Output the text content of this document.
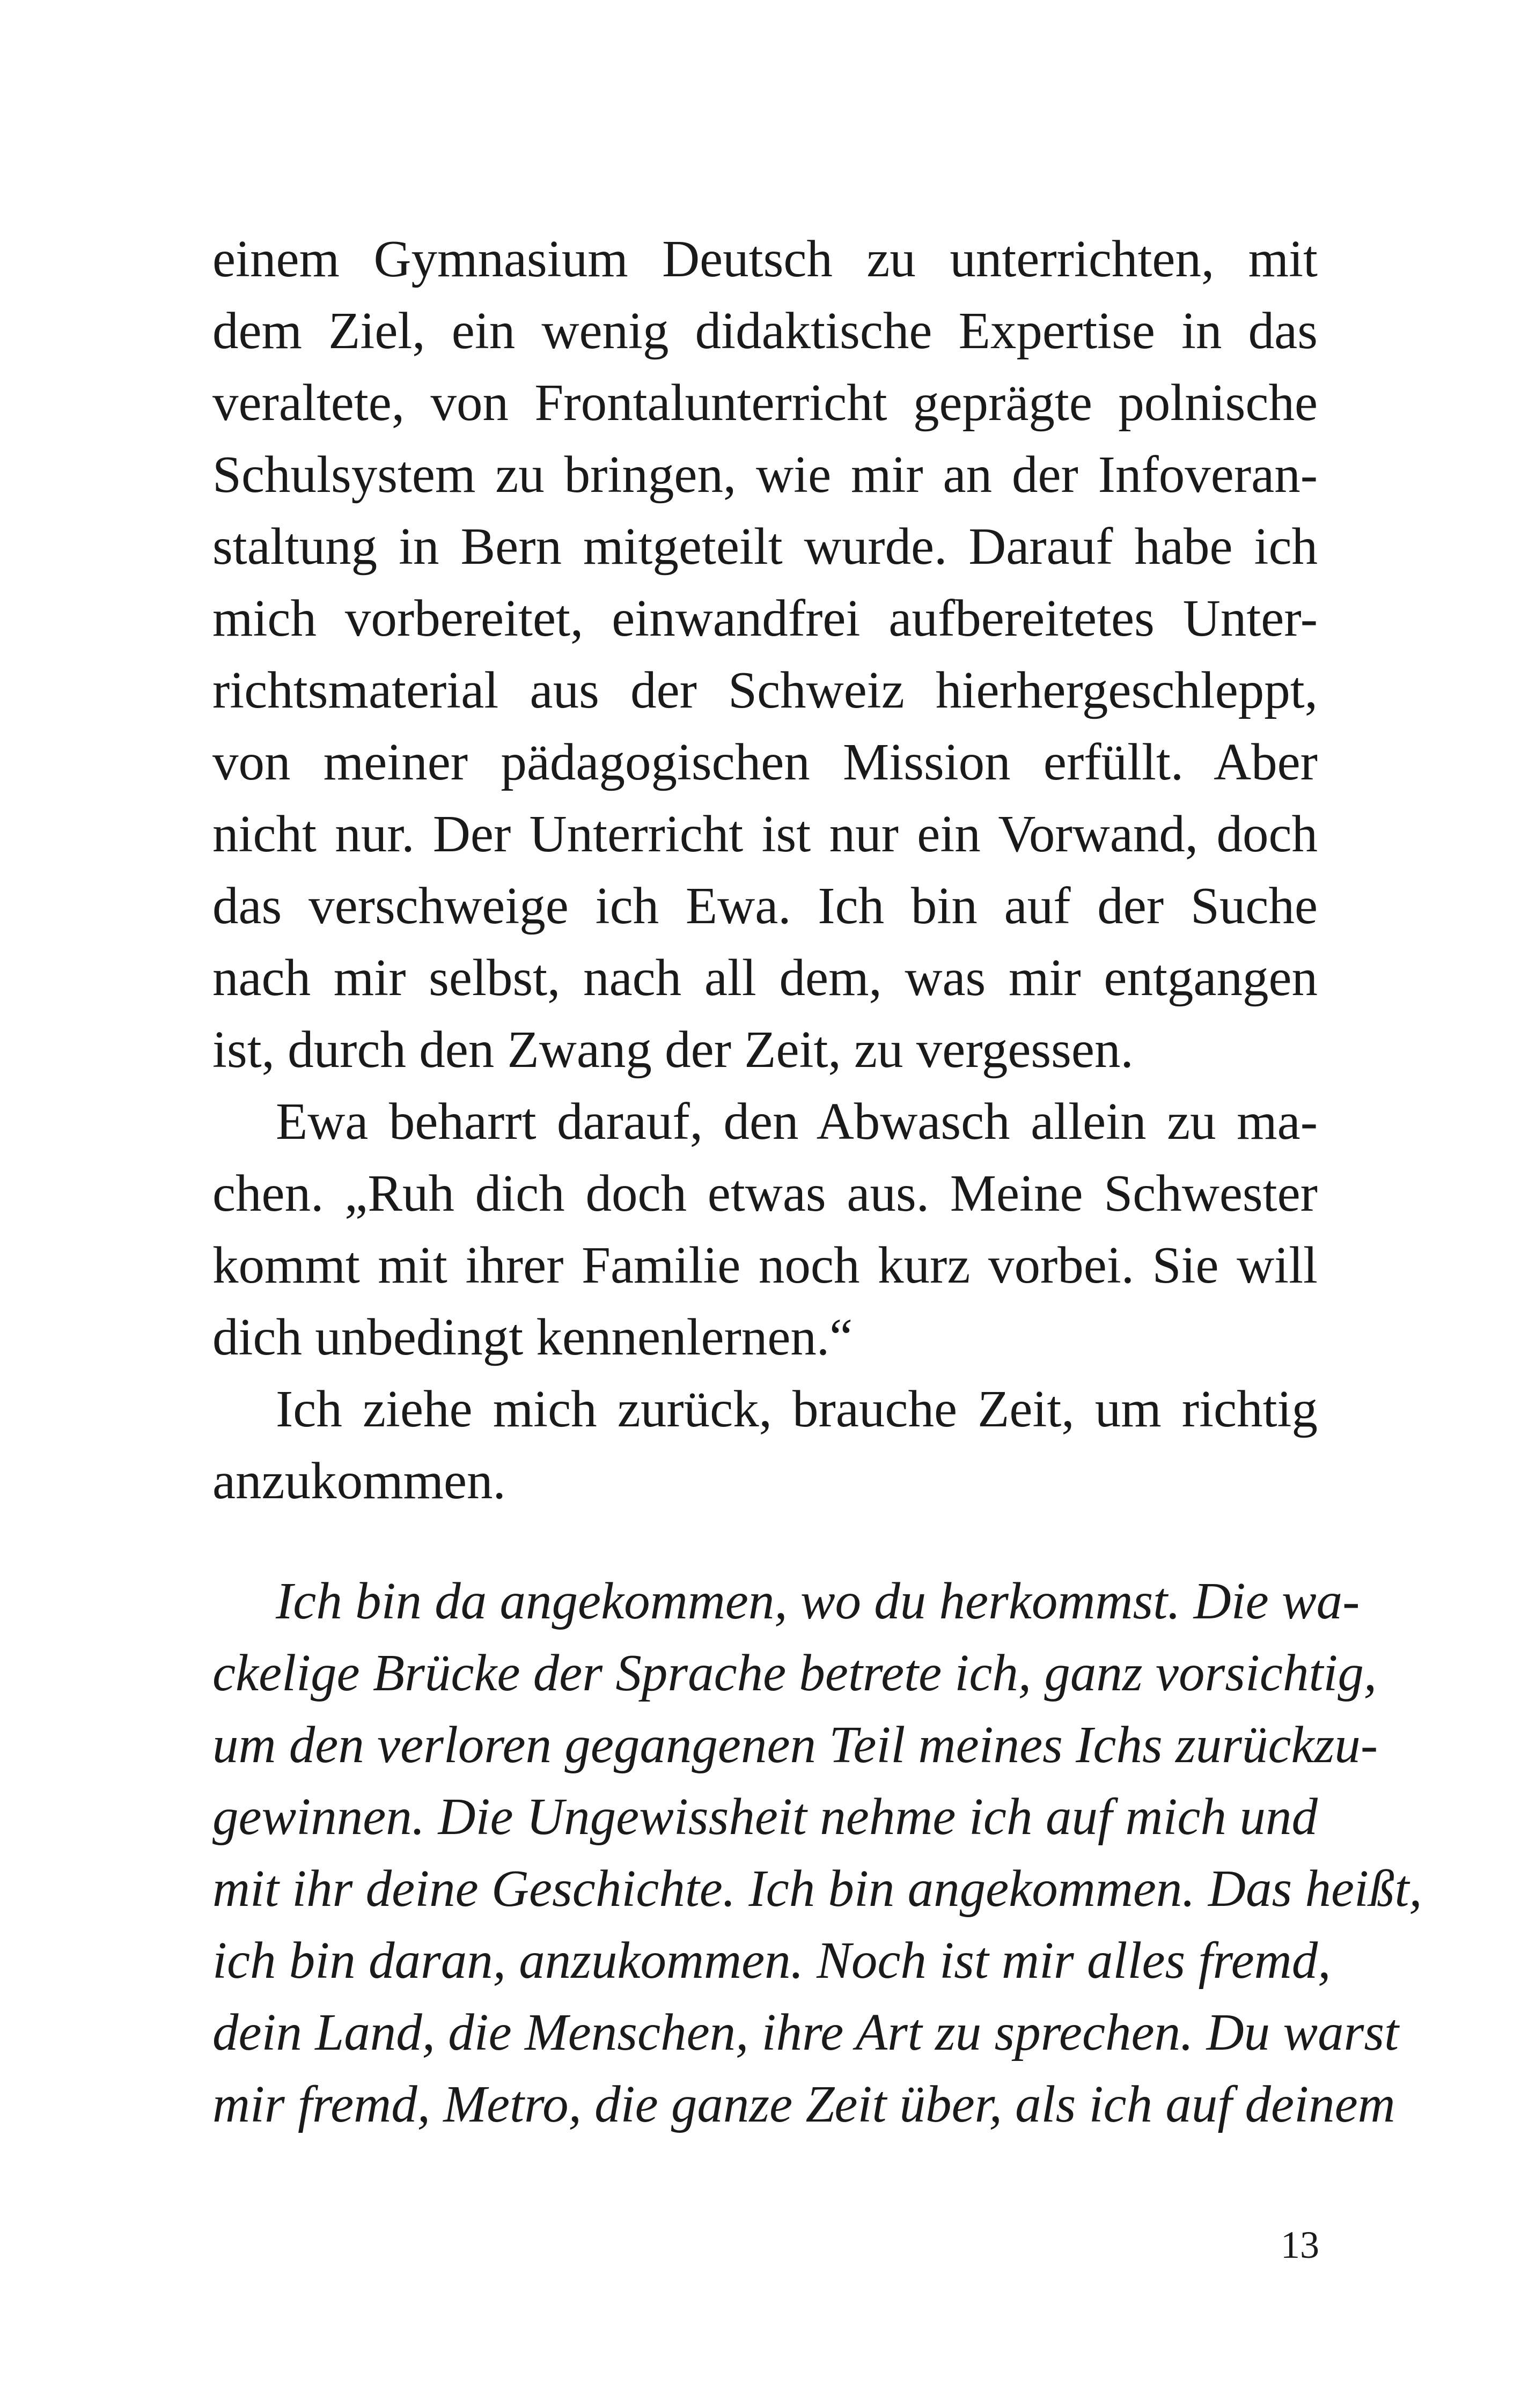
einem Gymnasium Deutsch zu unterrichten, mit
dem Ziel, ein wenig didaktische Expertise in das
veraltete, von Frontalunterricht geprägte polnische
Schulsystem zu bringen, wie mir an der Infoveran-
staltung in Bern mitgeteilt wurde. Darauf habe ich
mich vorbereitet, einwandfrei aufbereitetes Unter-
richtsmaterial aus der Schweiz hierhergeschleppt,
von meiner pädagogischen Mission erfüllt. Aber
nicht nur. Der Unterricht ist nur ein Vorwand, doch
das verschweige ich Ewa. Ich bin auf der Suche
nach mir selbst, nach all dem, was mir entgangen
ist, durch den Zwang der Zeit, zu vergessen.
Ewa beharrt darauf, den Abwasch allein zu ma-
chen. „Ruh dich doch etwas aus. Meine Schwester
kommt mit ihrer Familie noch kurz vorbei. Sie will
dich unbedingt kennenlernen.“
Ich ziehe mich zurück, brauche Zeit, um richtig
anzukommen.
Ich bin da angekommen, wo du herkommst. Die wa-
ckelige Brücke der Sprache betrete ich, ganz vorsichtig,
um den verloren gegangenen Teil meines Ichs zurückzu-
gewinnen. Die Ungewissheit nehme ich auf mich und
mit ihr deine Geschichte. Ich bin angekommen. Das heißt,
ich bin daran, anzukommen. Noch ist mir alles fremd,
dein Land, die Menschen, ihre Art zu sprechen. Du warst
mir fremd, Metro, die ganze Zeit über, als ich auf deinem
13
